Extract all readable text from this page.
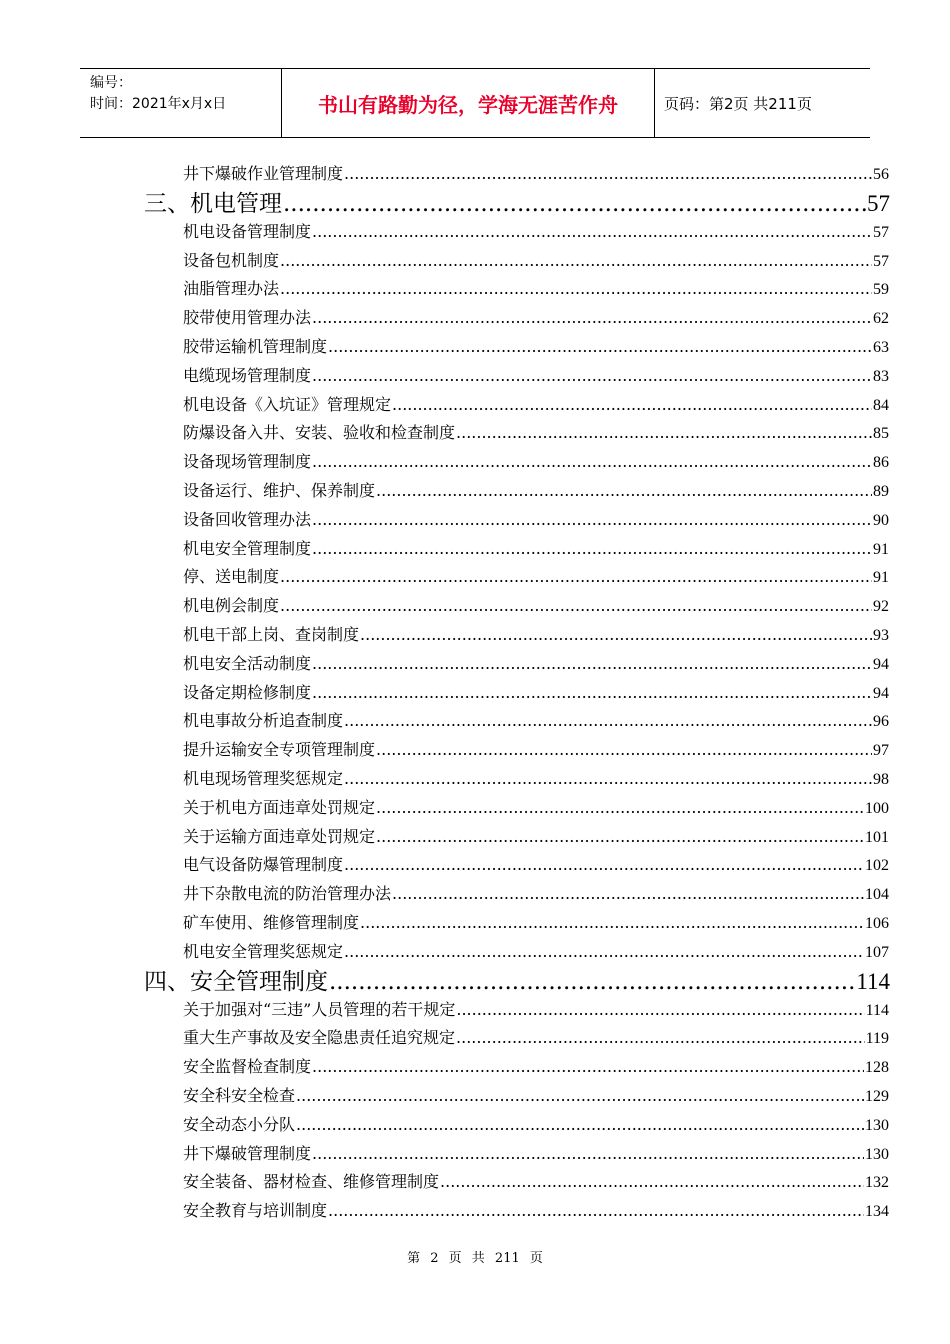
编号：
时间：2021年x月x日	书山有路勤为径，学海无涯苦作舟	页码：第2页 共211页
井下爆破作业管理制度 .....	56
三、机电管理 .....	57
机电设备管理制度 .....	57
设备包机制度 .....	57
油脂管理办法 .....	59
胶带使用管理办法 .....	62
胶带运输机管理制度 .....	63
电缆现场管理制度 .....	83
机电设备《入坑证》管理规定 .....	84
防爆设备入井、安装、验收和检查制度 .....	85
设备现场管理制度 .....	86
设备运行、维护、保养制度 .....	89
设备回收管理办法 .....	90
机电安全管理制度 .....	91
停、送电制度 .....	91
机电例会制度 .....	92
机电干部上岗、查岗制度 .....	93
机电安全活动制度 .....	94
设备定期检修制度 .....	94
机电事故分析追查制度 .....	96
提升运输安全专项管理制度 .....	97
机电现场管理奖惩规定 .....	98
关于机电方面违章处罚规定 .....	100
关于运输方面违章处罚规定 .....	101
电气设备防爆管理制度 .....	102
井下杂散电流的防治管理办法 .....	104
矿车使用、维修管理制度 .....	106
机电安全管理奖惩规定 .....	107
四、安全管理制度 .....	114
关于加强对“三违”人员管理的若干规定 .....	114
重大生产事故及安全隐患责任追究规定 .....	119
安全监督检查制度 .....	128
安全科安全检查 .....	129
安全动态小分队 .....	130
井下爆破管理制度 .....	130
安全装备、器材检查、维修管理制度 .....	132
安全教育与培训制度 .....	134
第 2 页 共 211 页
